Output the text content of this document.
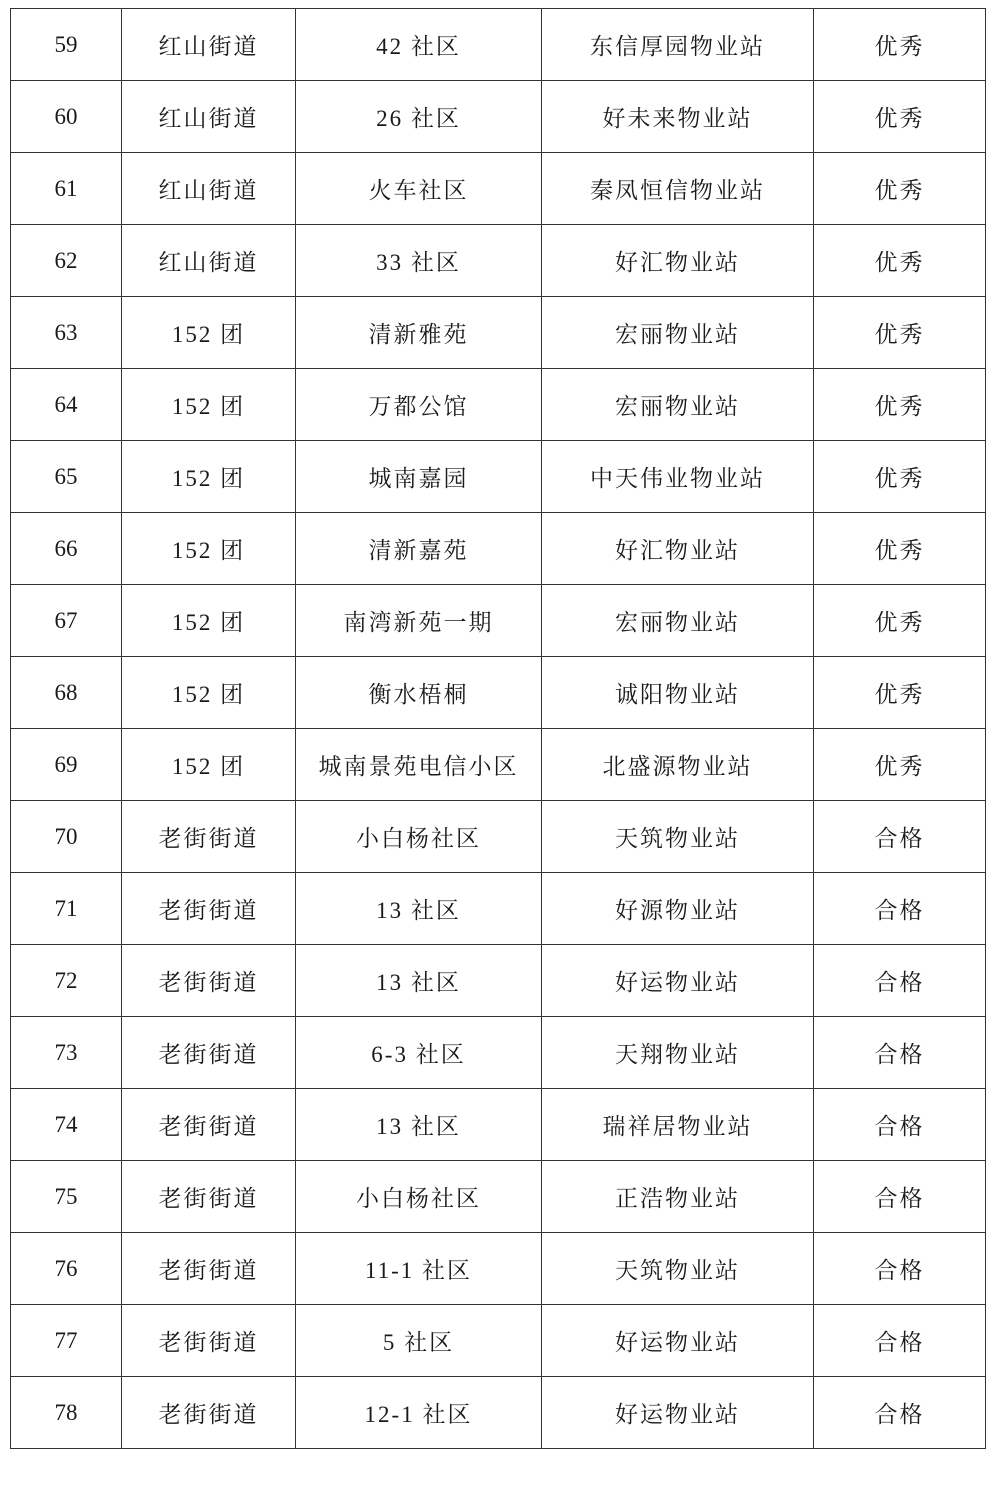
59	红山街道	42 社区	东信厚园物业站	优秀
60	红山街道	26 社区	好未来物业站	优秀
61	红山街道	火车社区	秦凤恒信物业站	优秀
62	红山街道	33 社区	好汇物业站	优秀
63	152 团	清新雅苑	宏丽物业站	优秀
64	152 团	万都公馆	宏丽物业站	优秀
65	152 团	城南嘉园	中天伟业物业站	优秀
66	152 团	清新嘉苑	好汇物业站	优秀
67	152 团	南湾新苑一期	宏丽物业站	优秀
68	152 团	衡水梧桐	诚阳物业站	优秀
69	152 团	城南景苑电信小区	北盛源物业站	优秀
70	老街街道	小白杨社区	天筑物业站	合格
71	老街街道	13 社区	好源物业站	合格
72	老街街道	13 社区	好运物业站	合格
73	老街街道	6-3 社区	天翔物业站	合格
74	老街街道	13 社区	瑞祥居物业站	合格
75	老街街道	小白杨社区	正浩物业站	合格
76	老街街道	11-1 社区	天筑物业站	合格
77	老街街道	5 社区	好运物业站	合格
78	老街街道	12-1 社区	好运物业站	合格
